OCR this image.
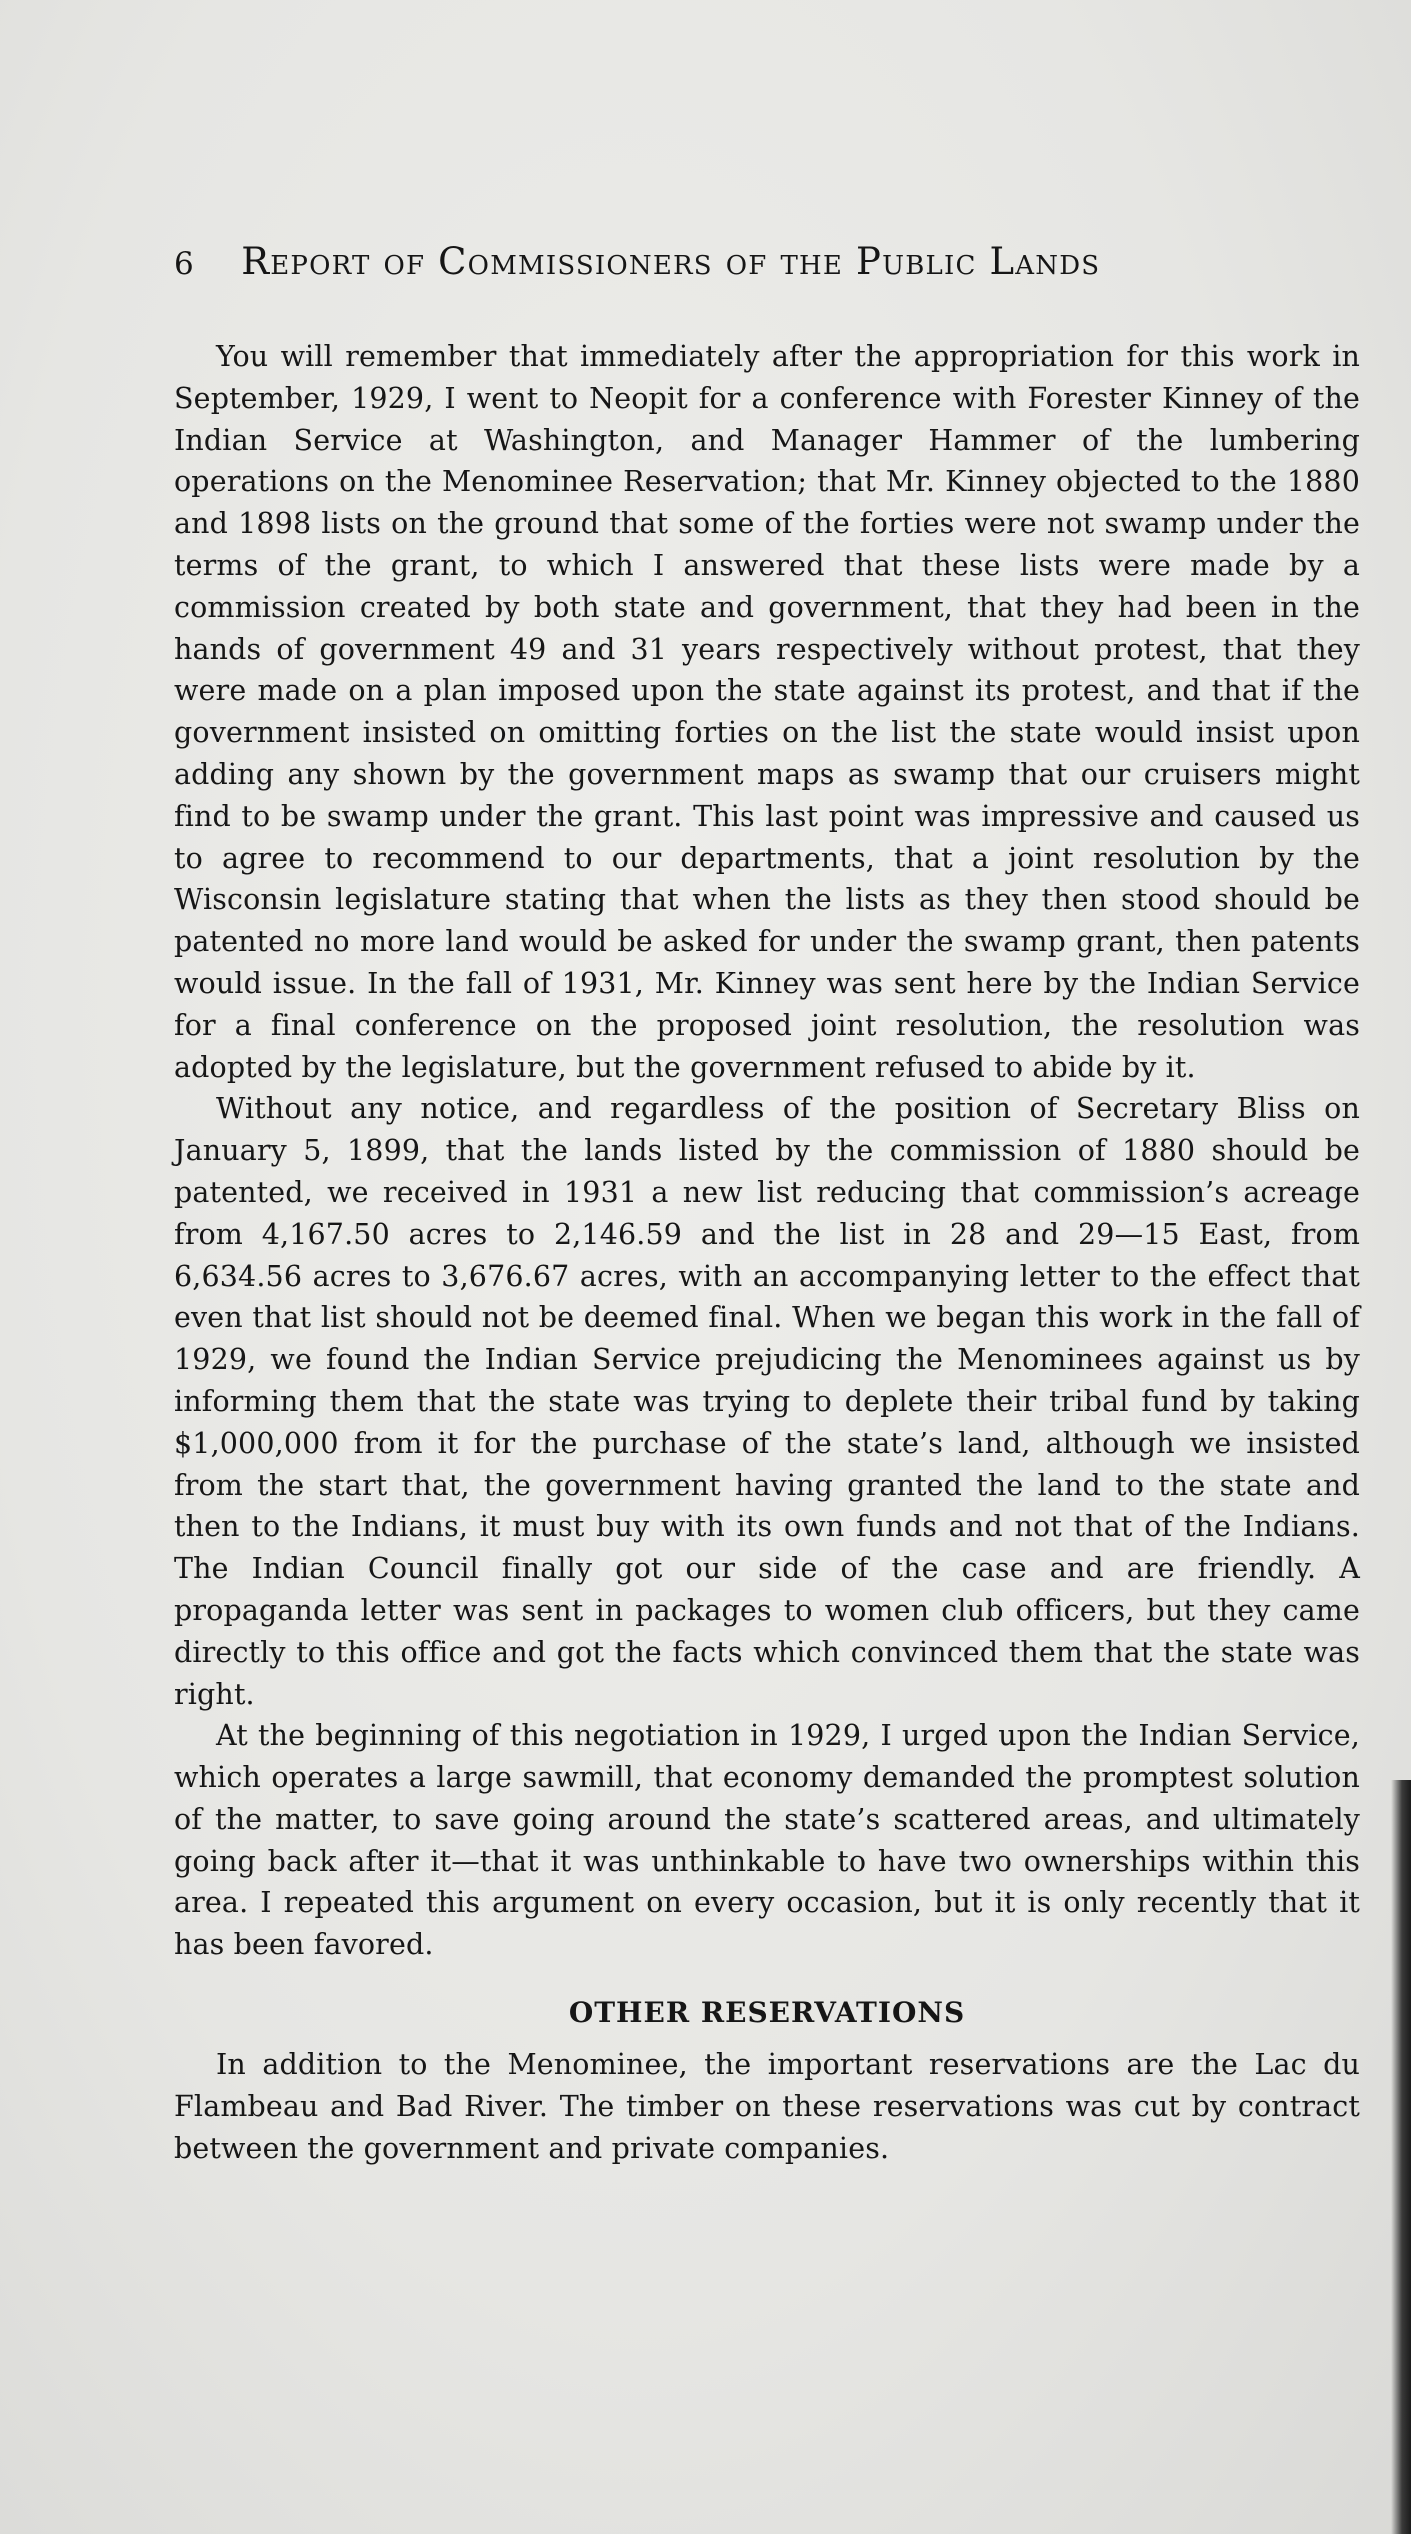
6 Report of Commissioners of the Public Lands

You will remember that immediately after the appropriation for this work in September, 1929, I went to Neopit for a conference with Forester Kinney of the Indian Service at Washington, and Manager Hammer of the lumbering operations on the Menominee Reservation; that Mr. Kinney objected to the 1880 and 1898 lists on the ground that some of the forties were not swamp under the terms of the grant, to which I answered that these lists were made by a commission created by both state and government, that they had been in the hands of government 49 and 31 years respectively without protest, that they were made on a plan imposed upon the state against its protest, and that if the government insisted on omitting forties on the list the state would insist upon adding any shown by the government maps as swamp that our cruisers might find to be swamp under the grant. This last point was impressive and caused us to agree to recommend to our departments, that a joint resolution by the Wisconsin legislature stating that when the lists as they then stood should be patented no more land would be asked for under the swamp grant, then patents would issue. In the fall of 1931, Mr. Kinney was sent here by the Indian Service for a final conference on the proposed joint resolution, the resolution was adopted by the legislature, but the government refused to abide by it.

Without any notice, and regardless of the position of Secretary Bliss on January 5, 1899, that the lands listed by the commission of 1880 should be patented, we received in 1931 a new list reducing that commission’s acreage from 4,167.50 acres to 2,146.59 and the list in 28 and 29—15 East, from 6,634.56 acres to 3,676.67 acres, with an accompanying letter to the effect that even that list should not be deemed final. When we began this work in the fall of 1929, we found the Indian Service prejudicing the Menominees against us by informing them that the state was trying to deplete their tribal fund by taking $1,000,000 from it for the purchase of the state’s land, although we insisted from the start that, the government having granted the land to the state and then to the Indians, it must buy with its own funds and not that of the Indians. The Indian Council finally got our side of the case and are friendly. A propaganda letter was sent in packages to women club officers, but they came directly to this office and got the facts which convinced them that the state was right.

At the beginning of this negotiation in 1929, I urged upon the Indian Service, which operates a large sawmill, that economy demanded the promptest solution of the matter, to save going around the state’s scattered areas, and ultimately going back after it—that it was unthinkable to have two ownerships within this area. I repeated this argument on every occasion, but it is only recently that it has been favored.

OTHER RESERVATIONS

In addition to the Menominee, the important reservations are the Lac du Flambeau and Bad River. The timber on these reservations was cut by contract between the government and private companies.
